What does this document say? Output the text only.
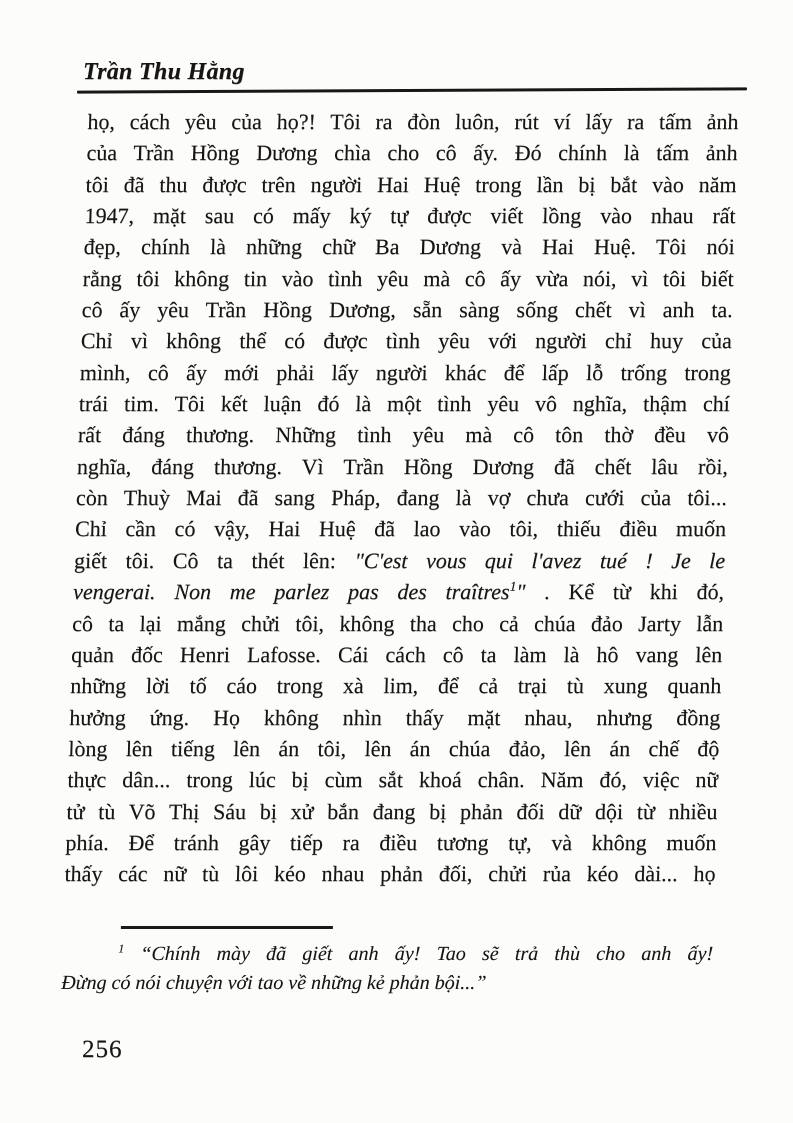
Trần Thu Hằng
họ, cách yêu của họ?! Tôi ra đòn luôn, rút ví lấy ra tấm ảnh
của Trần Hồng Dương chìa cho cô ấy. Đó chính là tấm ảnh
tôi đã thu được trên người Hai Huệ trong lần bị bắt vào năm
1947, mặt sau có mấy ký tự được viết lồng vào nhau rất
đẹp, chính là những chữ Ba Dương và Hai Huệ. Tôi nói
rằng tôi không tin vào tình yêu mà cô ấy vừa nói, vì tôi biết
cô ấy yêu Trần Hồng Dương, sẵn sàng sống chết vì anh ta.
Chỉ vì không thể có được tình yêu với người chỉ huy của
mình, cô ấy mới phải lấy người khác để lấp lỗ trống trong
trái tim. Tôi kết luận đó là một tình yêu vô nghĩa, thậm chí
rất đáng thương. Những tình yêu mà cô tôn thờ đều vô
nghĩa, đáng thương. Vì Trần Hồng Dương đã chết lâu rồi,
còn Thuỳ Mai đã sang Pháp, đang là vợ chưa cưới của tôi...
Chỉ cần có vậy, Hai Huệ đã lao vào tôi, thiếu điều muốn
giết tôi. Cô ta thét lên: "C'est vous qui l'avez tué ! Je le
vengerai. Non me parlez pas des traîtres$^1$" . Kể từ khi đó,
cô ta lại mắng chửi tôi, không tha cho cả chúa đảo Jarty lẫn
quản đốc Henri Lafosse. Cái cách cô ta làm là hô vang lên
những lời tố cáo trong xà lim, để cả trại tù xung quanh
hưởng ứng. Họ không nhìn thấy mặt nhau, nhưng đồng
lòng lên tiếng lên án tôi, lên án chúa đảo, lên án chế độ
thực dân... trong lúc bị cùm sắt khoá chân. Năm đó, việc nữ
tử tù Võ Thị Sáu bị xử bắn đang bị phản đối dữ dội từ nhiều
phía. Để tránh gây tiếp ra điều tương tự, và không muốn
thấy các nữ tù lôi kéo nhau phản đối, chửi rủa kéo dài... họ
$^1$ “Chính mày đã giết anh ấy! Tao sẽ trả thù cho anh ấy!
Đừng có nói chuyện với tao về những kẻ phản bội...”
256
